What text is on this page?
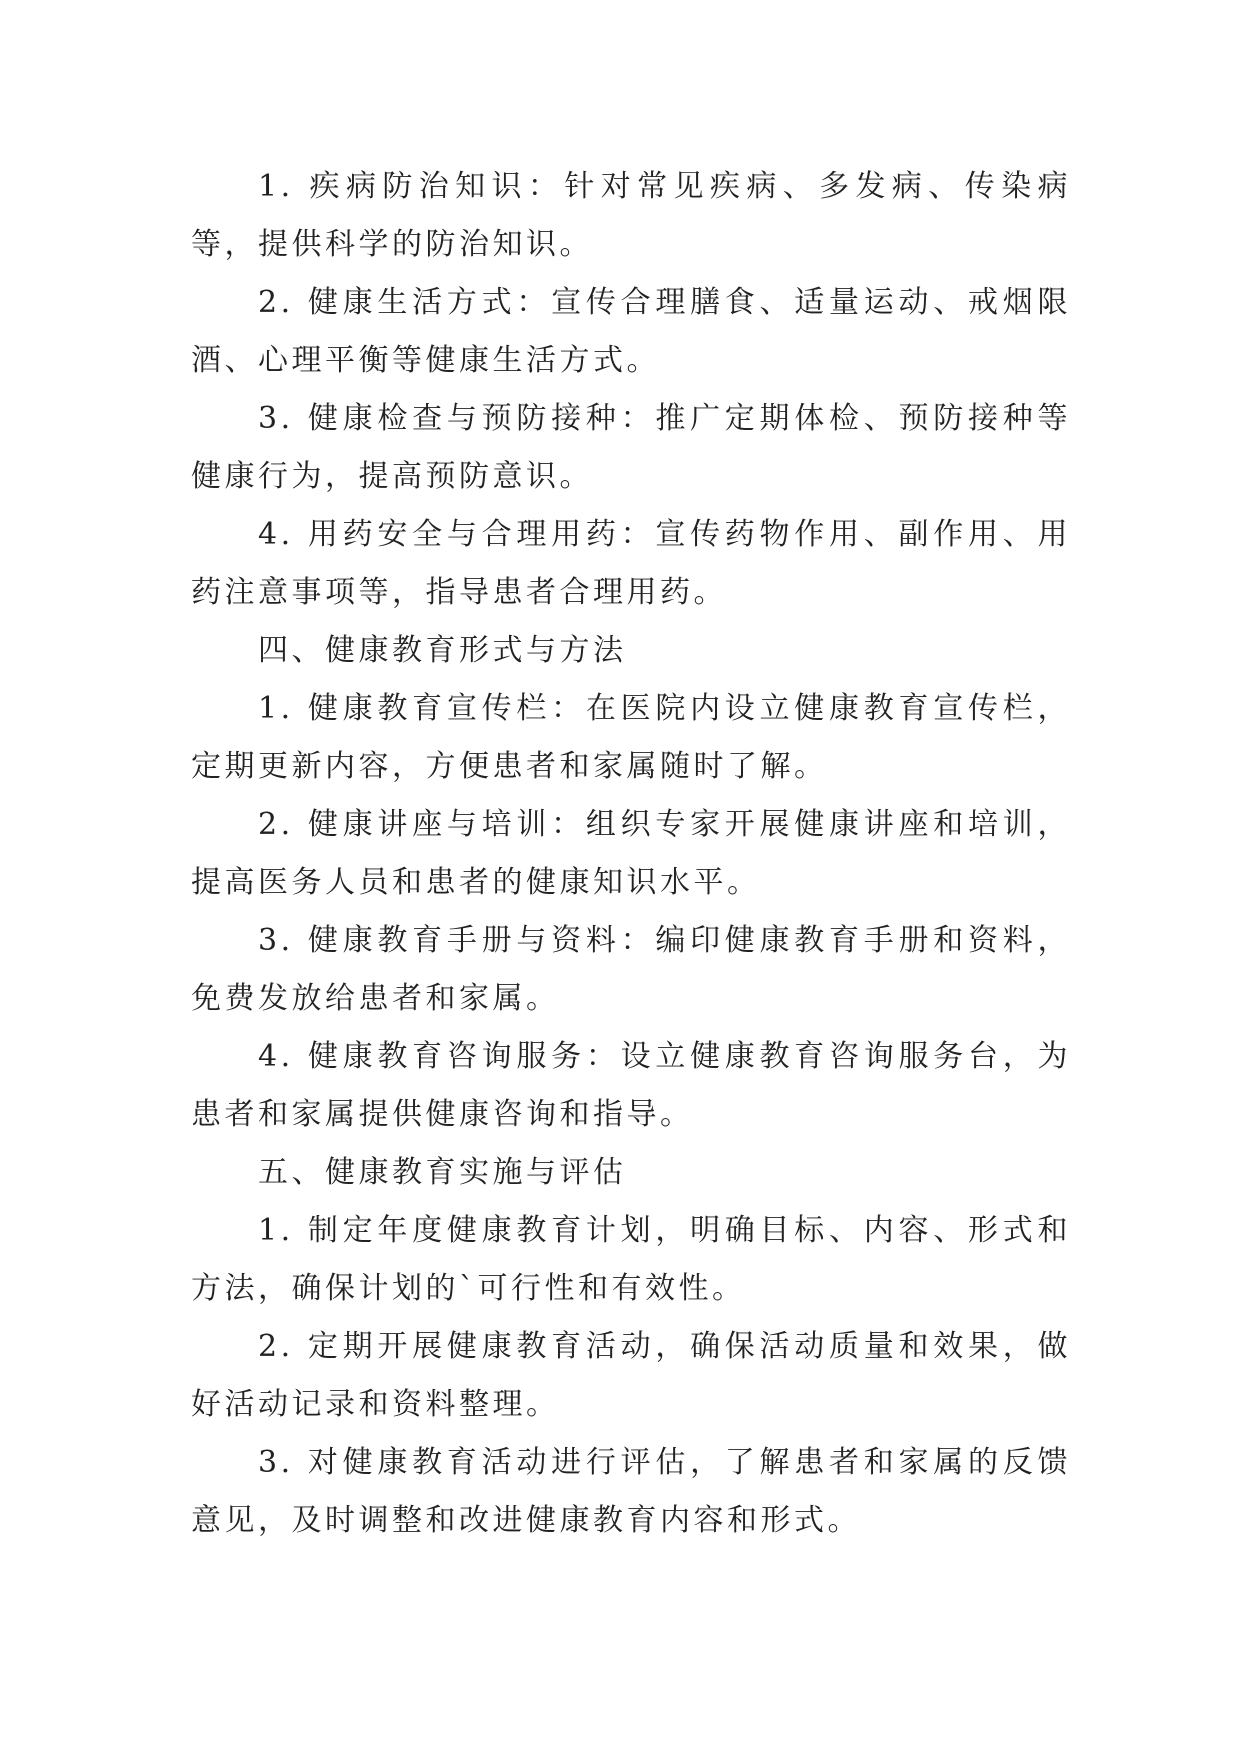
1. 疾病防治知识：针对常见疾病、多发病、传染病等，提供科学的防治知识。

2. 健康生活方式：宣传合理膳食、适量运动、戒烟限酒、心理平衡等健康生活方式。

3. 健康检查与预防接种：推广定期体检、预防接种等健康行为，提高预防意识。

4. 用药安全与合理用药：宣传药物作用、副作用、用药注意事项等，指导患者合理用药。

四、健康教育形式与方法

1. 健康教育宣传栏：在医院内设立健康教育宣传栏，定期更新内容，方便患者和家属随时了解。

2. 健康讲座与培训：组织专家开展健康讲座和培训，提高医务人员和患者的健康知识水平。

3. 健康教育手册与资料：编印健康教育手册和资料，免费发放给患者和家属。

4. 健康教育咨询服务：设立健康教育咨询服务台，为患者和家属提供健康咨询和指导。

五、健康教育实施与评估

1. 制定年度健康教育计划，明确目标、内容、形式和方法，确保计划的`可行性和有效性。

2. 定期开展健康教育活动，确保活动质量和效果，做好活动记录和资料整理。

3. 对健康教育活动进行评估，了解患者和家属的反馈意见，及时调整和改进健康教育内容和形式。
